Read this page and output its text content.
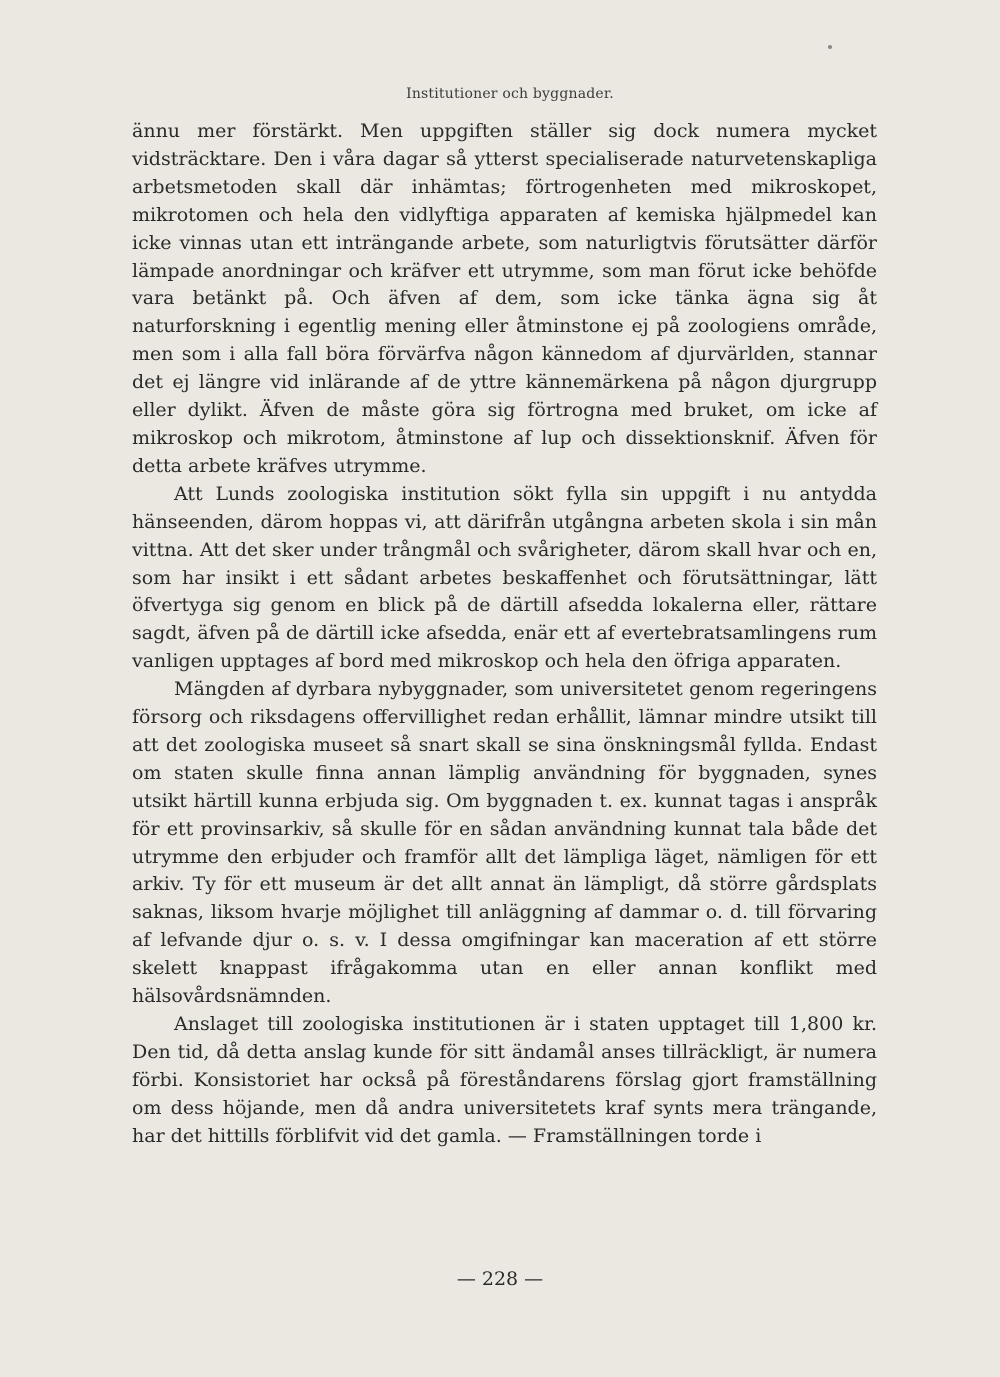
Institutioner och byggnader.

ännu mer förstärkt. Men uppgiften ställer sig dock numera mycket vidsträcktare. Den i våra dagar så ytterst specialiserade naturvetenskapliga arbetsmetoden skall där inhämtas; förtrogenheten med mikroskopet, mikrotomen och hela den vidlyftiga apparaten af kemiska hjälpmedel kan icke vinnas utan ett inträngande arbete, som naturligtvis förutsätter därför lämpade anordningar och kräfver ett utrymme, som man förut icke behöfde vara betänkt på. Och äfven af dem, som icke tänka ägna sig åt naturforskning i egentlig mening eller åtminstone ej på zoologiens område, men som i alla fall böra förvärfva någon kännedom af djurvärlden, stannar det ej längre vid inlärande af de yttre kännemärkena på någon djurgrupp eller dylikt. Äfven de måste göra sig förtrogna med bruket, om icke af mikroskop och mikrotom, åtminstone af lup och dissektionsknif. Äfven för detta arbete kräfves utrymme.

Att Lunds zoologiska institution sökt fylla sin uppgift i nu antydda hänseenden, därom hoppas vi, att därifrån utgångna arbeten skola i sin mån vittna. Att det sker under trångmål och svårigheter, därom skall hvar och en, som har insikt i ett sådant arbetes beskaffenhet och förutsättningar, lätt öfvertyga sig genom en blick på de därtill afsedda lokalerna eller, rättare sagdt, äfven på de därtill icke afsedda, enär ett af evertebratsamlingens rum vanligen upptages af bord med mikroskop och hela den öfriga apparaten.

Mängden af dyrbara nybyggnader, som universitetet genom regeringens försorg och riksdagens offervillighet redan erhållit, lämnar mindre utsikt till att det zoologiska museet så snart skall se sina önskningsmål fyllda. Endast om staten skulle finna annan lämplig användning för byggnaden, synes utsikt härtill kunna erbjuda sig. Om byggnaden t. ex. kunnat tagas i anspråk för ett provinsarkiv, så skulle för en sådan användning kunnat tala både det utrymme den erbjuder och framför allt det lämpliga läget, nämligen för ett arkiv. Ty för ett museum är det allt annat än lämpligt, då större gårdsplats saknas, liksom hvarje möjlighet till anläggning af dammar o. d. till förvaring af lefvande djur o. s. v. I dessa omgifningar kan maceration af ett större skelett knappast ifrågakomma utan en eller annan konflikt med hälsovårdsnämnden.

Anslaget till zoologiska institutionen är i staten upptaget till 1,800 kr. Den tid, då detta anslag kunde för sitt ändamål anses tillräckligt, är numera förbi. Konsistoriet har också på föreståndarens förslag gjort framställning om dess höjande, men då andra universitetets kraf synts mera trängande, har det hittills förblifvit vid det gamla. — Framställningen torde i

— 228 —
